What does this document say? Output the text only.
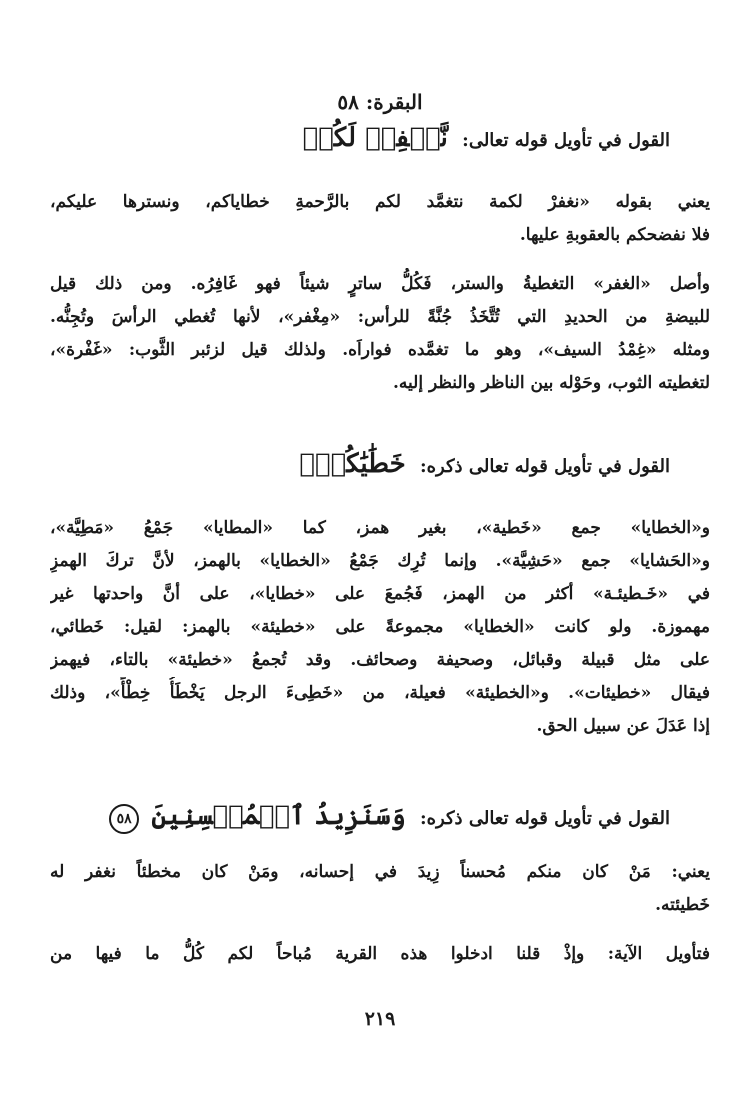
البقرة: ٥٨
القول في تأويل قوله تعالى: نَّغۡفِرۡ لَكُمۡ
يعني بقوله «نغفرْ لكمة نتغمَّد لكم بالرَّحمةِ خطاياكم، ونسترها عليكم،
فلا نفضحكم بالعقوبةِ عليها.
وأصل «الغفر» التغطيةُ والستر، فَكُلُّ ساترٍ شيئاً فهو غَافِرُه. ومن ذلك قيل
للبيضةِ من الحديدِ التي تُتَّخَذُ جُنَّةً للرأس: «مِغْفر»، لأنها تُغطي الرأسَ وتُجِنُّه.
ومثله «غِمْدُ السيف»، وهو ما تغمَّده فواراَه. ولذلك قيل لزئبر الثَّوب: «غَفْرة»،
لتغطيته الثوب، وحَوْله بين الناظر والنظر إليه.
القول في تأويل قوله تعالى ذكره: خَطَٰيَٰكُمۡۚ
و«الخطايا» جمع «خَطية»، بغير همز، كما «المطايا» جَمْعُ «مَطِيَّة»،
و«الحَشايا» جمع «حَشِيَّة». وإنما تُرِك جَمْعُ «الخطايا» بالهمز، لأنَّ تركَ الهمزِ
في «خَـطيئـة» أكثر من الهمز، فَجُمعَ على «خطايا»، على أنَّ واحدتها غير
مهموزة. ولو كانت «الخطايا» مجموعةً على «خطيئة» بالهمز: لقيل: خَطائي،
على مثل قبيلة وقبائل، وصحيفة وصحائف. وقد تُجمعُ «خطيئة» بالتاء، فيهمز
فيقال «خطيئات». و«الخطيئة» فعيلة، من «خَطِىءَ الرجل يَخْطَأُ خِطْأً»، وذلك
إذا عَدَلَ عن سبيل الحق.
القول في تأويل قوله تعالى ذكره: وَسَنَزِيدُ ٱلۡمُحۡسِنِينَ ٥٨
يعني: مَنْ كان منكم مُحسناً زِيدَ في إحسانه، ومَنْ كان مخطئاً نغفر له
خَطيئته.
فتأويل الآية: وإذْ قلنا ادخلوا هذه القرية مُباحاً لكم كُلُّ ما فيها من
٢١٩
